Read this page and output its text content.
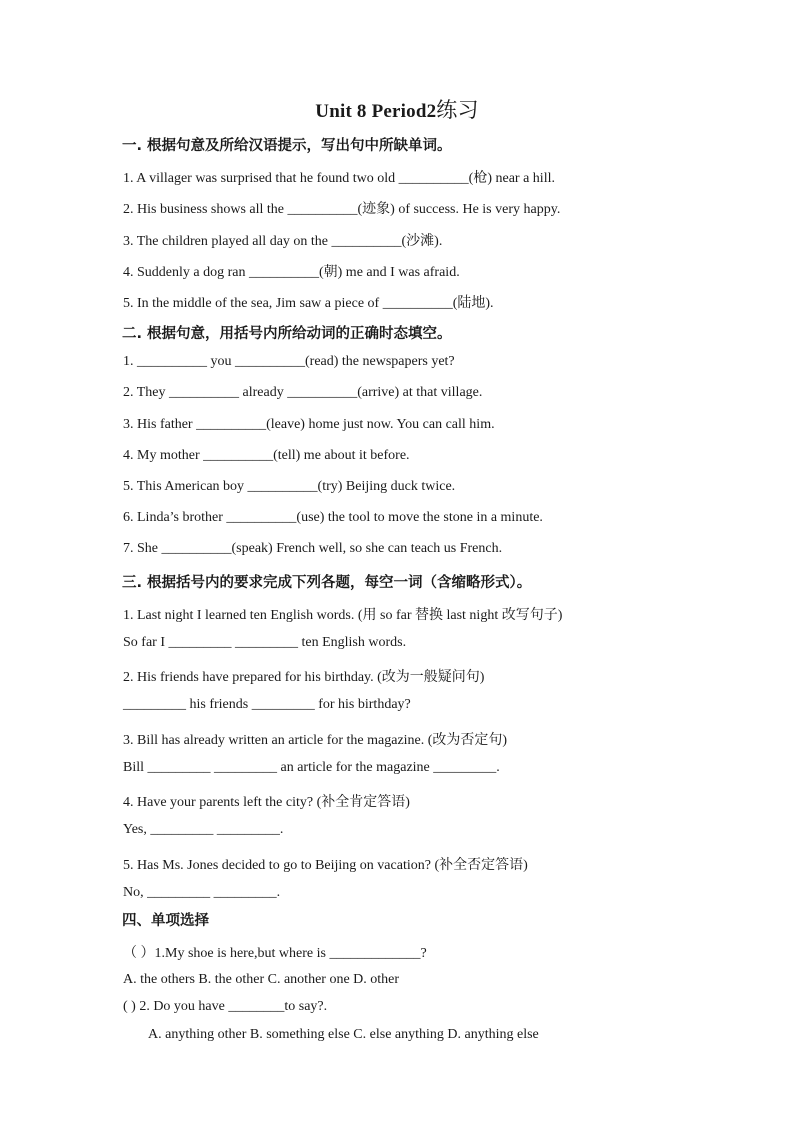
Unit 8 Period2练习
一. 根据句意及所给汉语提示，写出句中所缺单词。
1. A villager was surprised that he found two old __________(枪) near a hill.
2. His business shows all the __________(迹象) of success. He is very happy.
3. The children played all day on the __________(沙滩).
4. Suddenly a dog ran __________(朝) me and I was afraid.
5. In the middle of the sea, Jim saw a piece of __________(陆地).
二. 根据句意，用括号内所给动词的正确时态填空。
1. __________ you __________(read) the newspapers yet?
2. They __________ already __________(arrive) at that village.
3. His father __________(leave) home just now. You can call him.
4. My mother __________(tell) me about it before.
5. This American boy __________(try) Beijing duck twice.
6. Linda’s brother __________(use) the tool to move the stone in a minute.
7. She __________(speak) French well, so she can teach us French.
三. 根据括号内的要求完成下列各题，每空一词（含缩略形式）。
1. Last night I learned ten English words. (用 so far 替换 last night 改写句子)
So far I _________ _________ ten English words.
2. His friends have prepared for his birthday. (改为一般疑问句)
_________ his friends _________ for his birthday?
3. Bill has already written an article for the magazine. (改为否定句)
Bill _________ _________ an article for the magazine _________.
4. Have your parents left the city? (补全肯定答语)
Yes, _________ _________.
5. Has Ms. Jones decided to go to Beijing on vacation? (补全否定答语)
No, _________ _________.
四、单项选择
（ ）1.My shoe is here,but where is _____________?
A. the others B. the other C. another one D. other
( ) 2. Do you have ________to say?.
A. anything other B. something else C. else anything D. anything else
